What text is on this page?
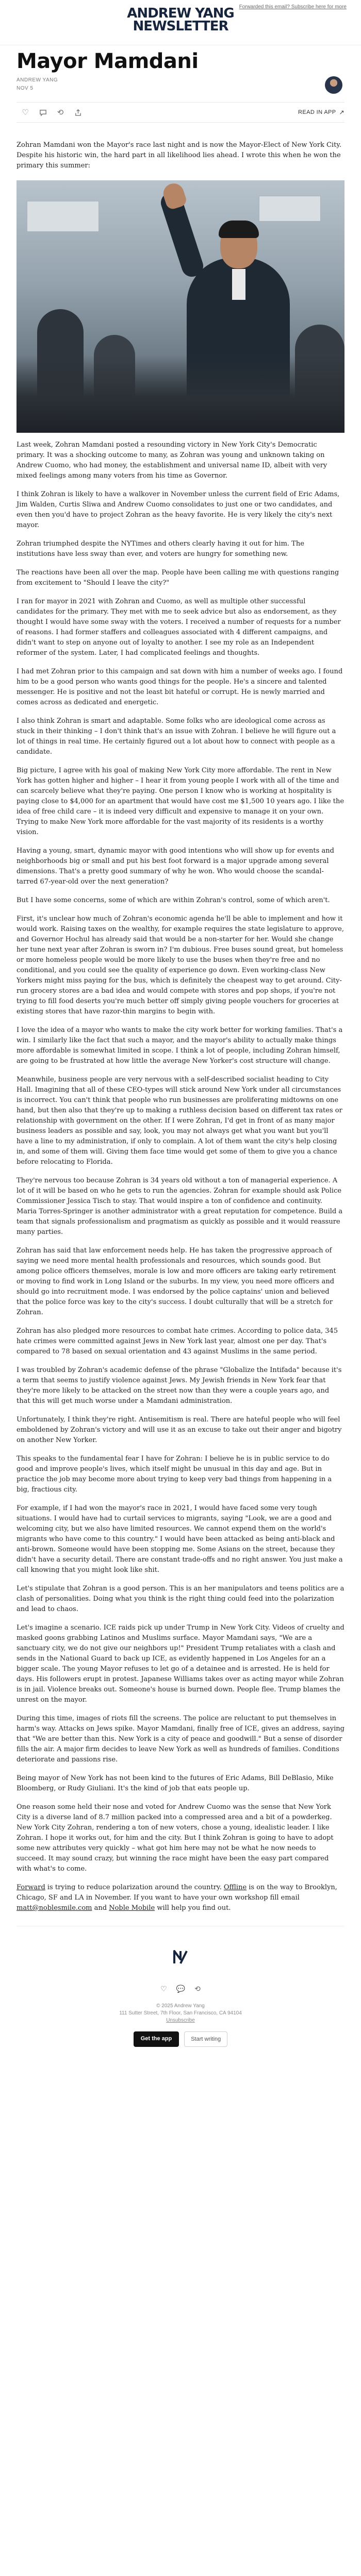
Forwarded this email? Subscribe here for more
ANDREW YANG
NEWSLETTER
Mayor Mamdani
ANDREW YANG
NOV 5
♡	⟲	READ IN APP ↗

Zohran Mamdani won the Mayor's race last night and is now the Mayor-Elect of New York City. Despite his historic win, the hard part in all likelihood lies ahead. I wrote this when he won the primary this summer:

Last week, Zohran Mamdani posted a resounding victory in New York City's Democratic primary. It was a shocking outcome to many, as Zohran was young and unknown taking on Andrew Cuomo, who had money, the establishment and universal name ID, albeit with very mixed feelings among many voters from his time as Governor.

I think Zohran is likely to have a walkover in November unless the current field of Eric Adams, Jim Walden, Curtis Sliwa and Andrew Cuomo consolidates to just one or two candidates, and even then you'd have to project Zohran as the heavy favorite. He is very likely the city's next mayor.

Zohran triumphed despite the NYTimes and others clearly having it out for him. The institutions have less sway than ever, and voters are hungry for something new.

The reactions have been all over the map. People have been calling me with questions ranging from excitement to "Should I leave the city?"

I ran for mayor in 2021 with Zohran and Cuomo, as well as multiple other successful candidates for the primary. They met with me to seek advice but also as endorsement, as they thought I would have some sway with the voters. I received a number of requests for a number of reasons. I had former staffers and colleagues associated with 4 different campaigns, and didn't want to step on anyone out of loyalty to another. I see my role as an Independent reformer of the system. Later, I had complicated feelings and thoughts.

I had met Zohran prior to this campaign and sat down with him a number of weeks ago. I found him to be a good person who wants good things for the people. He's a sincere and talented messenger. He is positive and not the least bit hateful or corrupt. He is newly married and comes across as dedicated and energetic.

I also think Zohran is smart and adaptable. Some folks who are ideological come across as stuck in their thinking – I don't think that's an issue with Zohran. I believe he will figure out a lot of things in real time. He certainly figured out a lot about how to connect with people as a candidate.

Big picture, I agree with his goal of making New York City more affordable. The rent in New York has gotten higher and higher – I hear it from young people I work with all of the time and can scarcely believe what they're paying. One person I know who is working at hospitality is paying close to $4,000 for an apartment that would have cost me $1,500 10 years ago. I like the idea of free child care – it is indeed very difficult and expensive to manage it on your own. Trying to make New York more affordable for the vast majority of its residents is a worthy vision.

Having a young, smart, dynamic mayor with good intentions who will show up for events and neighborhoods big or small and put his best foot forward is a major upgrade among several dimensions. That's a pretty good summary of why he won. Who would choose the scandal-tarred 67-year-old over the next generation?

But I have some concerns, some of which are within Zohran's control, some of which aren't.

First, it's unclear how much of Zohran's economic agenda he'll be able to implement and how it would work. Raising taxes on the wealthy, for example requires the state legislature to approve, and Governor Hochul has already said that would be a non-starter for her. Would she change her tune next year after Zohran is sworn in? I'm dubious. Free buses sound great, but homeless or more homeless people would be more likely to use the buses when they're free and no conditional, and you could see the quality of experience go down. Even working-class New Yorkers might miss paying for the bus, which is definitely the cheapest way to get around. City-run grocery stores are a bad idea and would compete with stores and pop shops, if you're not trying to fill food deserts you're much better off simply giving people vouchers for groceries at existing stores that have razor-thin margins to begin with.

I love the idea of a mayor who wants to make the city work better for working families. That's a win. I similarly like the fact that such a mayor, and the mayor's ability to actually make things more affordable is somewhat limited in scope. I think a lot of people, including Zohran himself, are going to be frustrated at how little the average New Yorker's cost structure will change.

Meanwhile, business people are very nervous with a self-described socialist heading to City Hall. Imagining that all of these CEO-types will stick around New York under all circumstances is incorrect. You can't think that people who run businesses are proliferating midtowns on one hand, but then also that they're up to making a ruthless decision based on different tax rates or relationship with government on the other. If I were Zohran, I'd get in front of as many major business leaders as possible and say, look, you may not always get what you want but you'll have a line to my administration, if only to complain. A lot of them want the city's help closing in, and some of them will. Giving them face time would get some of them to give you a chance before relocating to Florida.

They're nervous too because Zohran is 34 years old without a ton of managerial experience. A lot of it will be based on who he gets to run the agencies. Zohran for example should ask Police Commissioner Jessica Tisch to stay. That would inspire a ton of confidence and continuity. Maria Torres-Springer is another administrator with a great reputation for competence. Build a team that signals professionalism and pragmatism as quickly as possible and it would reassure many parties.

Zohran has said that law enforcement needs help. He has taken the progressive approach of saying we need more mental health professionals and resources, which sounds good. But among police officers themselves, morale is low and more officers are taking early retirement or moving to find work in Long Island or the suburbs. In my view, you need more officers and should go into recruitment mode. I was endorsed by the police captains' union and believed that the police force was key to the city's success. I doubt culturally that will be a stretch for Zohran.

Zohran has also pledged more resources to combat hate crimes. According to police data, 345 hate crimes were committed against Jews in New York last year, almost one per day. That's compared to 78 based on sexual orientation and 43 against Muslims in the same period.

I was troubled by Zohran's academic defense of the phrase "Globalize the Intifada" because it's a term that seems to justify violence against Jews. My Jewish friends in New York fear that they're more likely to be attacked on the street now than they were a couple years ago, and that this will get much worse under a Mamdani administration.

Unfortunately, I think they're right. Antisemitism is real. There are hateful people who will feel emboldened by Zohran's victory and will use it as an excuse to take out their anger and bigotry on another New Yorker.

This speaks to the fundamental fear I have for Zohran: I believe he is in public service to do good and improve people's lives, which itself might be unusual in this day and age. But in practice the job may become more about trying to keep very bad things from happening in a big, fractious city.

For example, if I had won the mayor's race in 2021, I would have faced some very tough situations. I would have had to curtail services to migrants, saying "Look, we are a good and welcoming city, but we also have limited resources. We cannot expend them on the world's migrants who have come to this country." I would have been attacked as being anti-black and anti-brown. Someone would have been stopping me. Some Asians on the street, because they didn't have a security detail. There are constant trade-offs and no right answer. You just make a call knowing that you might look like shit.

Let's stipulate that Zohran is a good person. This is an her manipulators and teens politics are a clash of personalities. Doing what you think is the right thing could feed into the polarization and lead to chaos.

Let's imagine a scenario. ICE raids pick up under Trump in New York City. Videos of cruelty and masked goons grabbing Latinos and Muslims surface. Mayor Mamdani says, "We are a sanctuary city, we do not give our neighbors up!" President Trump retaliates with a clash and sends in the National Guard to back up ICE, as evidently happened in Los Angeles for an a bigger scale. The young Mayor refuses to let go of a detainee and is arrested. He is held for days. His followers erupt in protest. Japanese Williams takes over as acting mayor while Zohran is in jail. Violence breaks out. Someone's house is burned down. People flee. Trump blames the unrest on the mayor.

During this time, images of riots fill the screens. The police are reluctant to put themselves in harm's way. Attacks on Jews spike. Mayor Mamdani, finally free of ICE, gives an address, saying that "We are better than this. New York is a city of peace and goodwill." But a sense of disorder fills the air. A major firm decides to leave New York as well as hundreds of families. Conditions deteriorate and passions rise.

Being mayor of New York has not been kind to the futures of Eric Adams, Bill DeBlasio, Mike Bloomberg, or Rudy Giuliani. It's the kind of job that eats people up.

One reason some held their nose and voted for Andrew Cuomo was the sense that New York City is a diverse land of 8.7 million packed into a compressed area and a bit of a powderkeg. New York City Zohran, rendering a ton of new voters, chose a young, idealistic leader. I like Zohran. I hope it works out, for him and the city. But I think Zohran is going to have to adopt some new attributes very quickly – what got him here may not be what he now needs to succeed. It may sound crazy, but winning the race might have been the easy part compared with what's to come.

Forward is trying to reduce polarization around the country. Offline is on the way to Brooklyn, Chicago, SF and LA in November. If you want to have your own workshop fill email matt@noblesmile.com and Noble Mobile will help you find out.

♡ 💬 ⟲
© 2025 Andrew Yang
111 Sutter Street, 7th Floor, San Francisco, CA 94104
Unsubscribe
Get the app	Start writing
